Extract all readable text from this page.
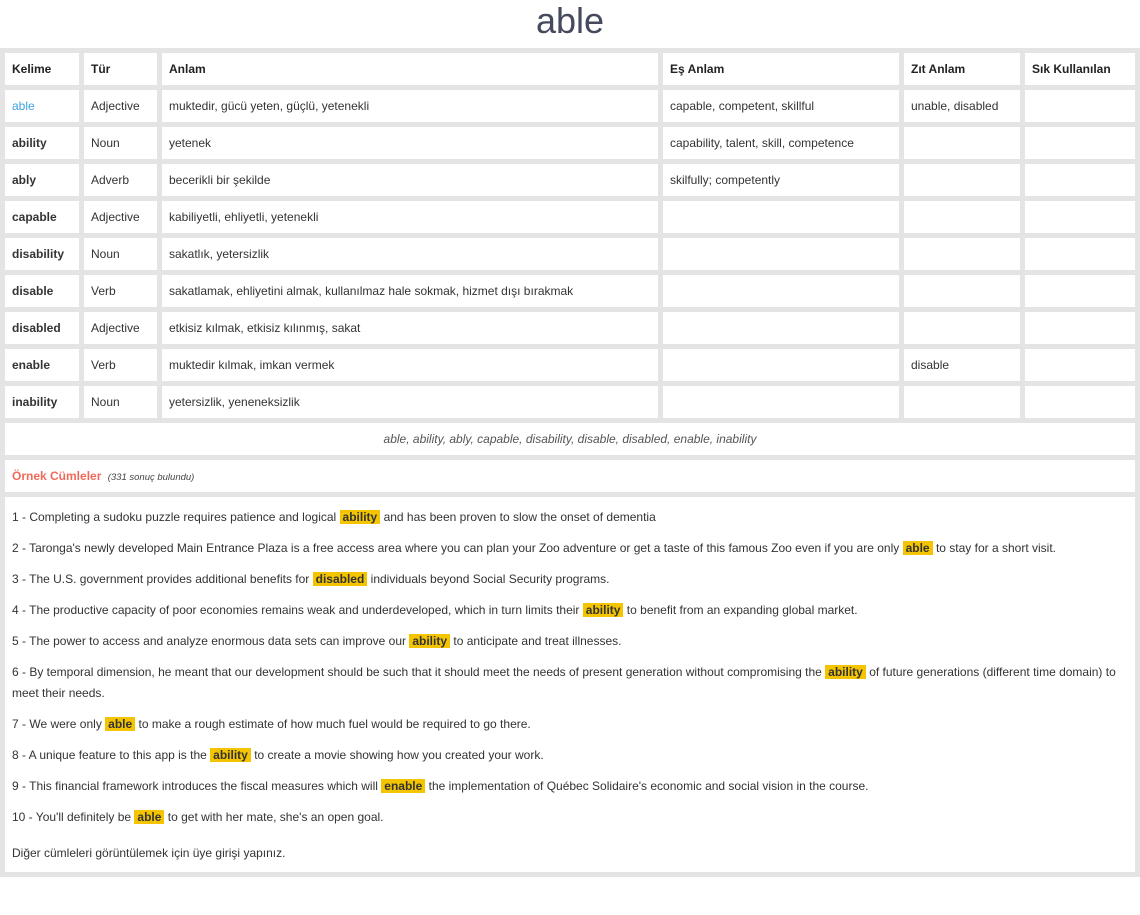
able
Kelime	Tür	Anlam	Eş Anlam	Zıt Anlam	Sık Kullanılan
able	Adjective	muktedir, gücü yeten, güçlü, yetenekli	capable, competent, skillful	unable, disabled	
ability	Noun	yetenek	capability, talent, skill, competence		
ably	Adverb	becerikli bir şekilde	skilfully; competently		
capable	Adjective	kabiliyetli, ehliyetli, yetenekli			
disability	Noun	sakatlık, yetersizlik			
disable	Verb	sakatlamak, ehliyetini almak, kullanılmaz hale sokmak, hizmet dışı bırakmak			
disabled	Adjective	etkisiz kılmak, etkisiz kılınmış, sakat			
enable	Verb	muktedir kılmak, imkan vermek		disable	
inability	Noun	yetersizlik, yeneneksizlik			
able, ability, ably, capable, disability, disable, disabled, enable, inability					
Örnek Cümleler (331 sonuç bulundu)					
1 - Completing a sudoku puzzle requires patience and logical ability and has been proven to slow the onset of dementia
2 - Taronga's newly developed Main Entrance Plaza is a free access area where you can plan your Zoo adventure or get a taste of this famous Zoo even if you are only able to stay for a short visit.
3 - The U.S. government provides additional benefits for disabled individuals beyond Social Security programs.
4 - The productive capacity of poor economies remains weak and underdeveloped, which in turn limits their ability to benefit from an expanding global market.
5 - The power to access and analyze enormous data sets can improve our ability to anticipate and treat illnesses.
6 - By temporal dimension, he meant that our development should be such that it should meet the needs of present generation without compromising the ability of future generations (different time domain) to meet their needs.
7 - We were only able to make a rough estimate of how much fuel would be required to go there.
8 - A unique feature to this app is the ability to create a movie showing how you created your work.
9 - This financial framework introduces the fiscal measures which will enable the implementation of Québec Solidaire's economic and social vision in the course.
10 - You'll definitely be able to get with her mate, she's an open goal.
Diğer cümleleri görüntülemek için üye girişi yapınız.
